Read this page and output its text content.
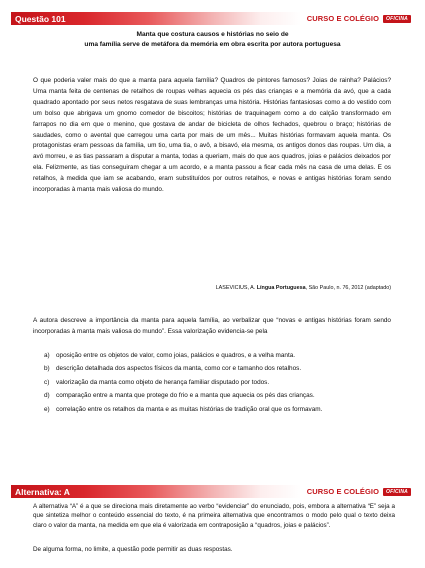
Questão 101	CURSO E COLÉGIO	OFICINA
Manta que costura causos e histórias no seio de
uma família serve de metáfora da memória em obra escrita por autora portuguesa

O que poderia valer mais do que a manta para aquela família? Quadros de pintores famosos? Joias de rainha? Palácios? Uma manta feita de centenas de retalhos de roupas velhas aquecia os pés das crianças e a memória da avó, que a cada quadrado apontado por seus netos resgatava de suas lembranças uma história. Histórias fantasiosas como a do vestido com um bolso que abrigava um gnomo comedor de biscoitos; histórias de traquinagem como a do calção transformado em farrapos no dia em que o menino, que gostava de andar de bicicleta de olhos fechados, quebrou o braço; histórias de saudades, como o avental que carregou uma carta por mais de um mês... Muitas histórias formavam aquela manta. Os protagonistas eram pessoas da família, um tio, uma tia, o avô, a bisavó, ela mesma, os antigos donos das roupas. Um dia, a avó morreu, e as tias passaram a disputar a manta, todas a queriam, mais do que aos quadros, joias e palácios deixados por ela. Felizmente, as tias conseguiram chegar a um acordo, e a manta passou a ficar cada mês na casa de uma delas. E os retalhos, à medida que iam se acabando, eram substituídos por outros retalhos, e novas e antigas histórias foram sendo incorporadas à manta mais valiosa do mundo.

LASEVICIUS, A. Língua Portuguesa, São Paulo, n. 76, 2012 (adaptado)

A autora descreve a importância da manta para aquela família, ao verbalizar que “novas e antigas histórias foram sendo incorporadas à manta mais valiosa do mundo”. Essa valorização evidencia-se pela

a) oposição entre os objetos de valor, como joias, palácios e quadros, e a velha manta.
b) descrição detalhada dos aspectos físicos da manta, como cor e tamanho dos retalhos.
c)	valorização da manta como objeto de herança familiar disputado por todos.
d) comparação entre a manta que protege do frio e a manta que aquecia os pés das crianças.
e) correlação entre os retalhos da manta e as muitas histórias de tradição oral que os formavam.
Alternativa: A	CURSO E COLÉGIO	OFICINA

A alternativa “A” é a que se direciona mais diretamente ao verbo “evidenciar” do enunciado, pois, embora a alternativa “E” seja a que sintetiza melhor o conteúdo essencial do texto, é na primeira alternativa que encontramos o modo pelo qual o texto deixa claro o valor da manta, na medida em que ela é valorizada em contraposição a “quadros, joias e palácios”.

De alguma forma, no limite, a questão pode permitir as duas respostas.
